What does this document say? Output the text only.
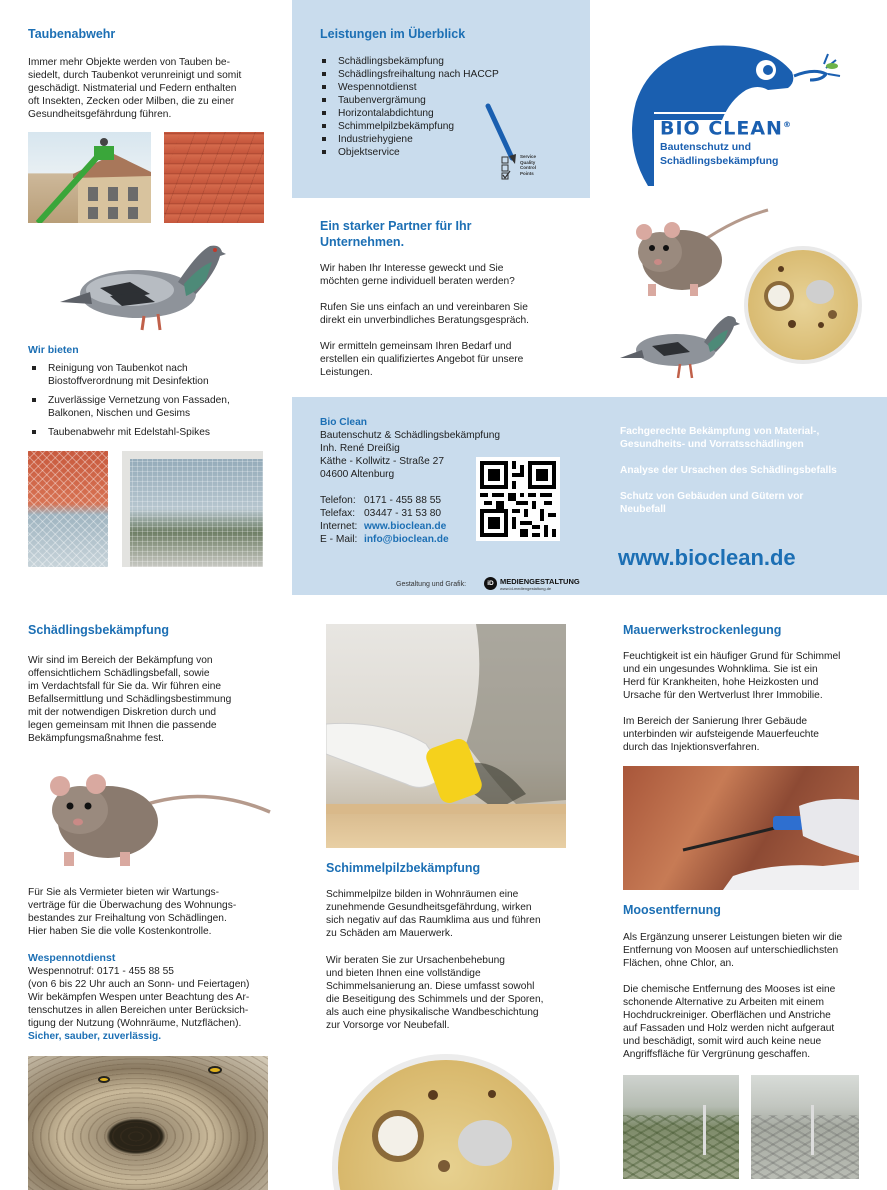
Taubenabwehr

Immer mehr Objekte werden von Tauben be-
siedelt, durch Taubenkot verunreinigt und somit
geschädigt. Nistmaterial und Federn enthalten
oft Insekten, Zecken oder Milben, die zu einer
Gesundheitsgefährdung führen.

Wir bieten
Reinigung von Taubenkot nach
Biostoffverordnung mit Desinfektion
Zuverlässige Vernetzung von Fassaden,
Balkonen, Nischen und Gesims
Taubenabwehr mit Edelstahl-Spikes
Leistungen im Überblick
Schädlingsbekämpfung
Schädlingsfreihaltung nach HACCP
Wespennotdienst
Taubenvergrämung
Horizontalabdichtung
Schimmelpilzbekämpfung
Industriehygiene
Objektservice	Service
Quality
Control
Points
Ein starker Partner für Ihr
Unternehmen.

Wir haben Ihr Interesse geweckt und Sie
möchten gerne individuell beraten werden?

Rufen Sie uns einfach an und vereinbaren Sie
direkt ein unverbindliches Beratungsgespräch.

Wir ermitteln gemeinsam Ihren Bedarf und
erstellen ein qualifiziertes Angebot für unsere
Leistungen.

BIO CLEAN®
Bautenschutz und
Schädlingsbekämpfung
Bio Clean
Bautenschutz & Schädlingsbekämpfung
Inh. René Dreißig
Käthe - Kollwitz - Straße 27
04600 Altenburg
Telefon: 0171 - 455 88 55
Telefax: 03447 - 31 53 80
Internet: www.bioclean.de
E - Mail: info@bioclean.de
Gestaltung und Grafik:	iD MEDIENGESTALTUNG
www.id-mediengestaltung.de

Fachgerechte Bekämpfung von Material-,
Gesundheits- und Vorratsschädlingen

Analyse der Ursachen des Schädlingsbefalls

Schutz von Gebäuden und Gütern vor
Neubefall

www.bioclean.de
Schädlingsbekämpfung

Wir sind im Bereich der Bekämpfung von
offensichtlichem Schädlingsbefall, sowie
im Verdachtsfall für Sie da. Wir führen eine
Befallsermittlung und Schädlingsbestimmung
mit der notwendigen Diskretion durch und
legen gemeinsam mit Ihnen die passende
Bekämpfungsmaßnahme fest.

Für Sie als Vermieter bieten wir Wartungs-
verträge für die Überwachung des Wohnungs-
bestandes zur Freihaltung von Schädlingen.
Hier haben Sie die volle Kostenkontrolle.

Wespennotdienst

Wespennotruf: 0171 - 455 88 55
(von 6 bis 22 Uhr auch an Sonn- und Feiertagen)
Wir bekämpfen Wespen unter Beachtung des Ar-
tenschutzes in allen Bereichen unter Berücksich-
tigung der Nutzung (Wohnräume, Nutzflächen).

Sicher, sauber, zuverlässig.
Schimmelpilzbekämpfung

Schimmelpilze bilden in Wohnräumen eine
zunehmende Gesundheitsgefährdung, wirken
sich negativ auf das Raumklima aus und führen
zu Schäden am Mauerwerk.

Wir beraten Sie zur Ursachenbehebung
und bieten Ihnen eine vollständige
Schimmelsanierung an. Diese umfasst sowohl
die Beseitigung des Schimmels und der Sporen,
als auch eine physikalische Wandbeschichtung
zur Vorsorge vor Neubefall.

Mauerwerkstrockenlegung

Feuchtigkeit ist ein häufiger Grund für Schimmel
und ein ungesundes Wohnklima. Sie ist ein
Herd für Krankheiten, hohe Heizkosten und
Ursache für den Wertverlust Ihrer Immobilie.

Im Bereich der Sanierung Ihrer Gebäude
unterbinden wir aufsteigende Mauerfeuchte
durch das Injektionsverfahren.

Moosentfernung

Als Ergänzung unserer Leistungen bieten wir die
Entfernung von Moosen auf unterschiedlichsten
Flächen, ohne Chlor, an.

Die chemische Entfernung des Mooses ist eine
schonende Alternative zu Arbeiten mit einem
Hochdruckreiniger. Oberflächen und Anstriche
auf Fassaden und Holz werden nicht aufgeraut
und beschädigt, somit wird auch keine neue
Angriffsfläche für Vergrünung geschaffen.
